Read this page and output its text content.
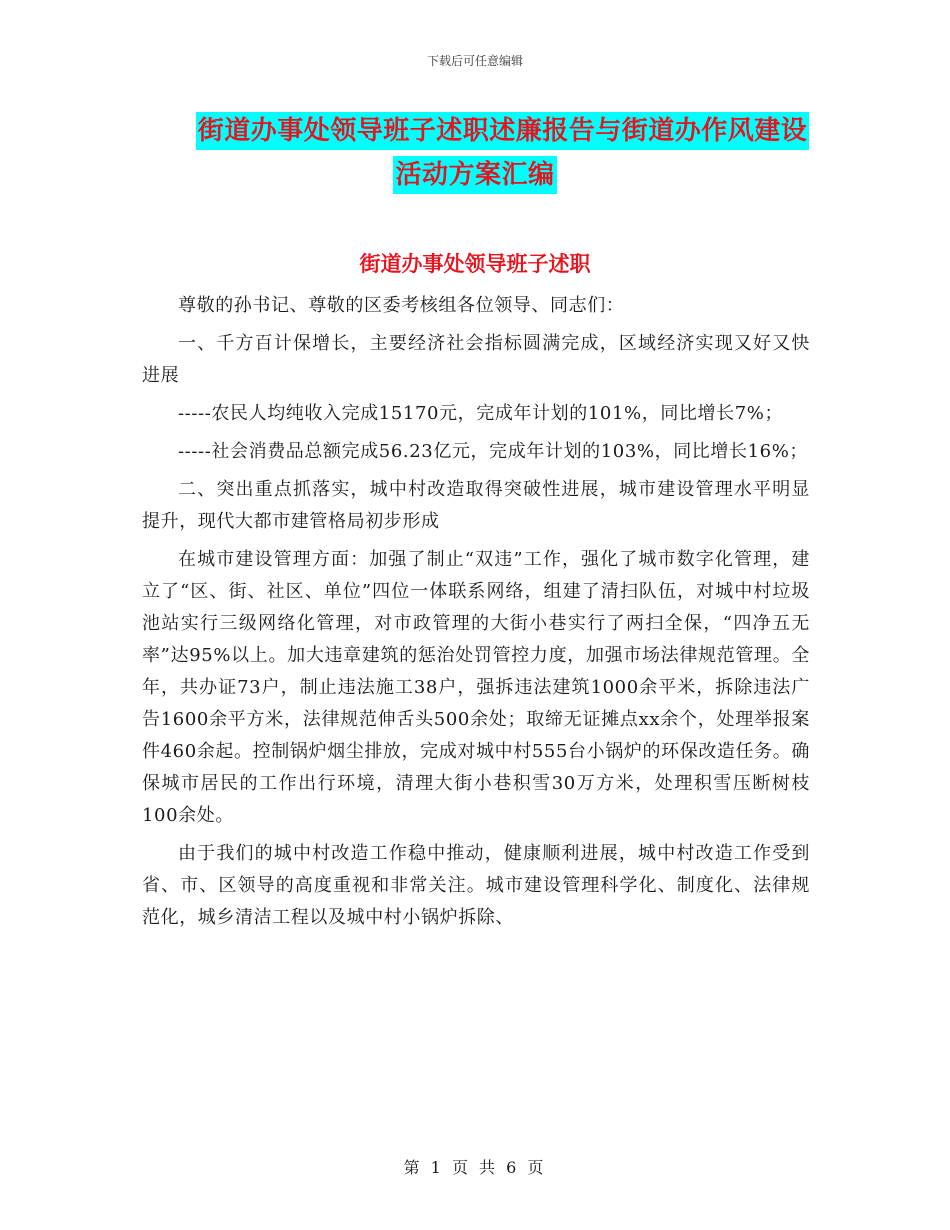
下载后可任意编辑
街道办事处领导班子述职述廉报告与街道办作风建设
活动方案汇编
街道办事处领导班子述职

尊敬的孙书记、尊敬的区委考核组各位领导、同志们：

一、千方百计保增长，主要经济社会指标圆满完成，区域经济实现又好又快进展

-----农民人均纯收入完成15170元，完成年计划的101%，同比增长7%；

-----社会消费品总额完成56.23亿元，完成年计划的103%，同比增长16%；

二、突出重点抓落实，城中村改造取得突破性进展，城市建设管理水平明显提升，现代大都市建管格局初步形成

在城市建设管理方面：加强了制止“双违”工作，强化了城市数字化管理，建立了“区、街、社区、单位”四位一体联系网络，组建了清扫队伍，对城中村垃圾池站实行三级网络化管理，对市政管理的大街小巷实行了两扫全保，“四净五无率”达95%以上。加大违章建筑的惩治处罚管控力度，加强市场法律规范管理。全年，共办证73户，制止违法施工38户，强拆违法建筑1000余平米，拆除违法广告1600余平方米，法律规范伸舌头500余处；取缔无证摊点xx余个，处理举报案件460余起。控制锅炉烟尘排放，完成对城中村555台小锅炉的环保改造任务。确保城市居民的工作出行环境，清理大街小巷积雪30万方米，处理积雪压断树枝100余处。

由于我们的城中村改造工作稳中推动，健康顺利进展，城中村改造工作受到省、市、区领导的高度重视和非常关注。城市建设管理科学化、制度化、法律规范化，城乡清洁工程以及城中村小锅炉拆除、

第 1 页 共 6 页
